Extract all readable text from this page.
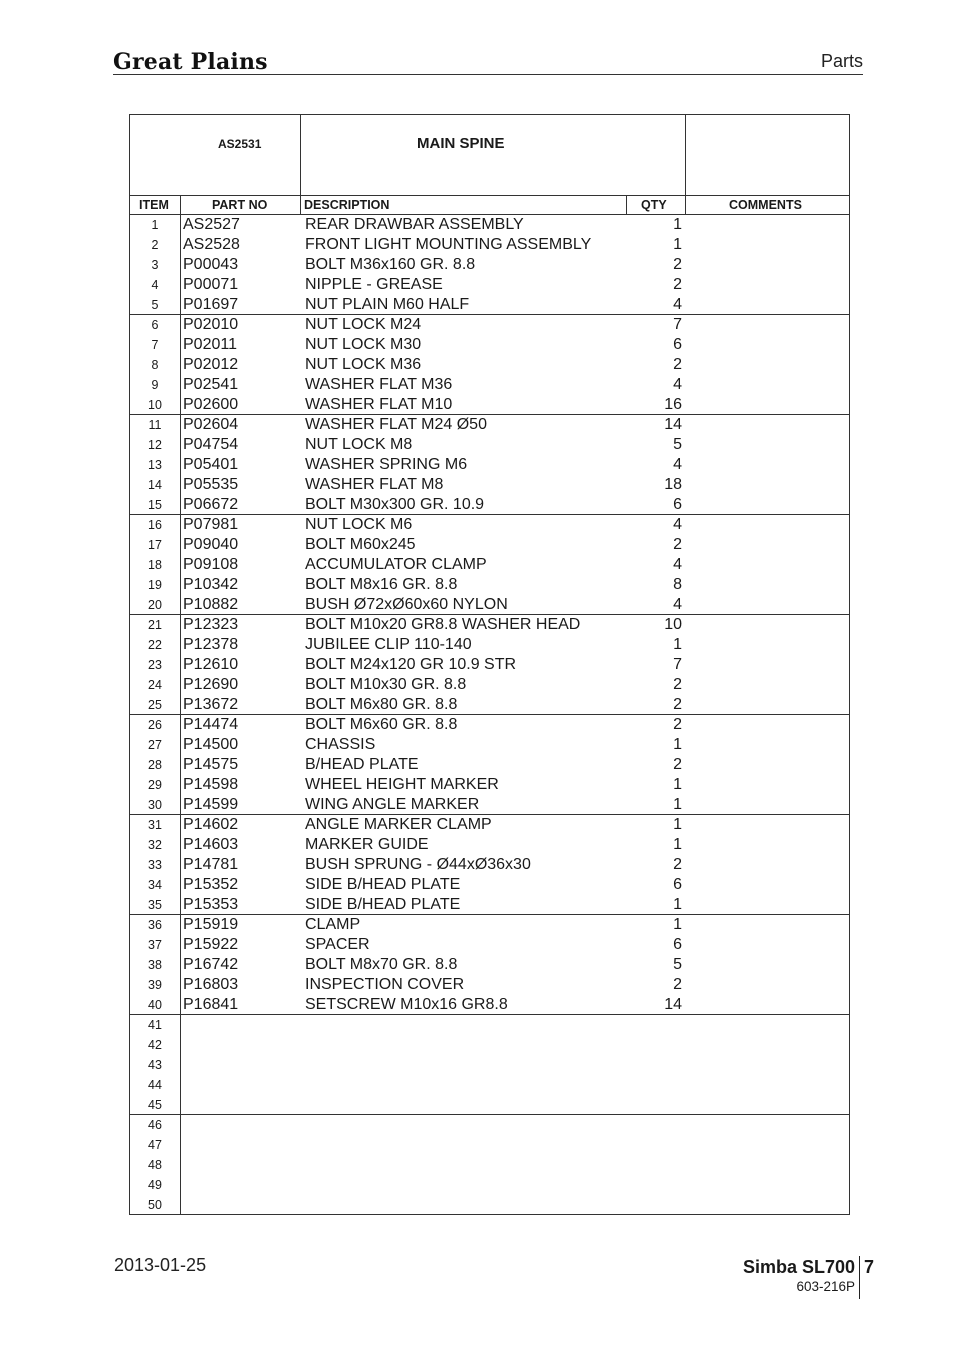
Great Plains	Parts
AS2531	MAIN SPINE
ITEM	PART NO	DESCRIPTION	QTY	COMMENTS
1	AS2527	REAR DRAWBAR ASSEMBLY	1
2	AS2528	FRONT LIGHT MOUNTING ASSEMBLY	1
3	P00043	BOLT M36x160 GR. 8.8	2
4	P00071	NIPPLE - GREASE	2
5	P01697	NUT PLAIN M60 HALF	4
6	P02010	NUT LOCK M24	7
7	P02011	NUT LOCK M30	6
8	P02012	NUT LOCK M36	2
9	P02541	WASHER FLAT M36	4
10	P02600	WASHER FLAT M10	16
11	P02604	WASHER FLAT M24 Ø50	14
12	P04754	NUT LOCK M8	5
13	P05401	WASHER SPRING M6	4
14	P05535	WASHER FLAT M8	18
15	P06672	BOLT M30x300 GR. 10.9	6
16	P07981	NUT LOCK M6	4
17	P09040	BOLT M60x245	2
18	P09108	ACCUMULATOR CLAMP	4
19	P10342	BOLT M8x16 GR. 8.8	8
20	P10882	BUSH Ø72xØ60x60 NYLON	4
21	P12323	BOLT M10x20 GR8.8 WASHER HEAD	10
22	P12378	JUBILEE CLIP 110-140	1
23	P12610	BOLT M24x120 GR 10.9 STR	7
24	P12690	BOLT M10x30 GR. 8.8	2
25	P13672	BOLT M6x80 GR. 8.8	2
26	P14474	BOLT M6x60 GR. 8.8	2
27	P14500	CHASSIS	1
28	P14575	B/HEAD PLATE	2
29	P14598	WHEEL HEIGHT MARKER	1
30	P14599	WING ANGLE MARKER	1
31	P14602	ANGLE MARKER CLAMP	1
32	P14603	MARKER GUIDE	1
33	P14781	BUSH SPRUNG - Ø44xØ36x30	2
34	P15352	SIDE B/HEAD PLATE	6
35	P15353	SIDE B/HEAD PLATE	1
36	P15919	CLAMP	1
37	P15922	SPACER	6
38	P16742	BOLT M8x70 GR. 8.8	5
39	P16803	INSPECTION COVER	2
40	P16841	SETSCREW M10x16 GR8.8	14
41
42
43
44
45
46
47
48
49
50
2013-01-25	Simba SL700 7
603-216P
